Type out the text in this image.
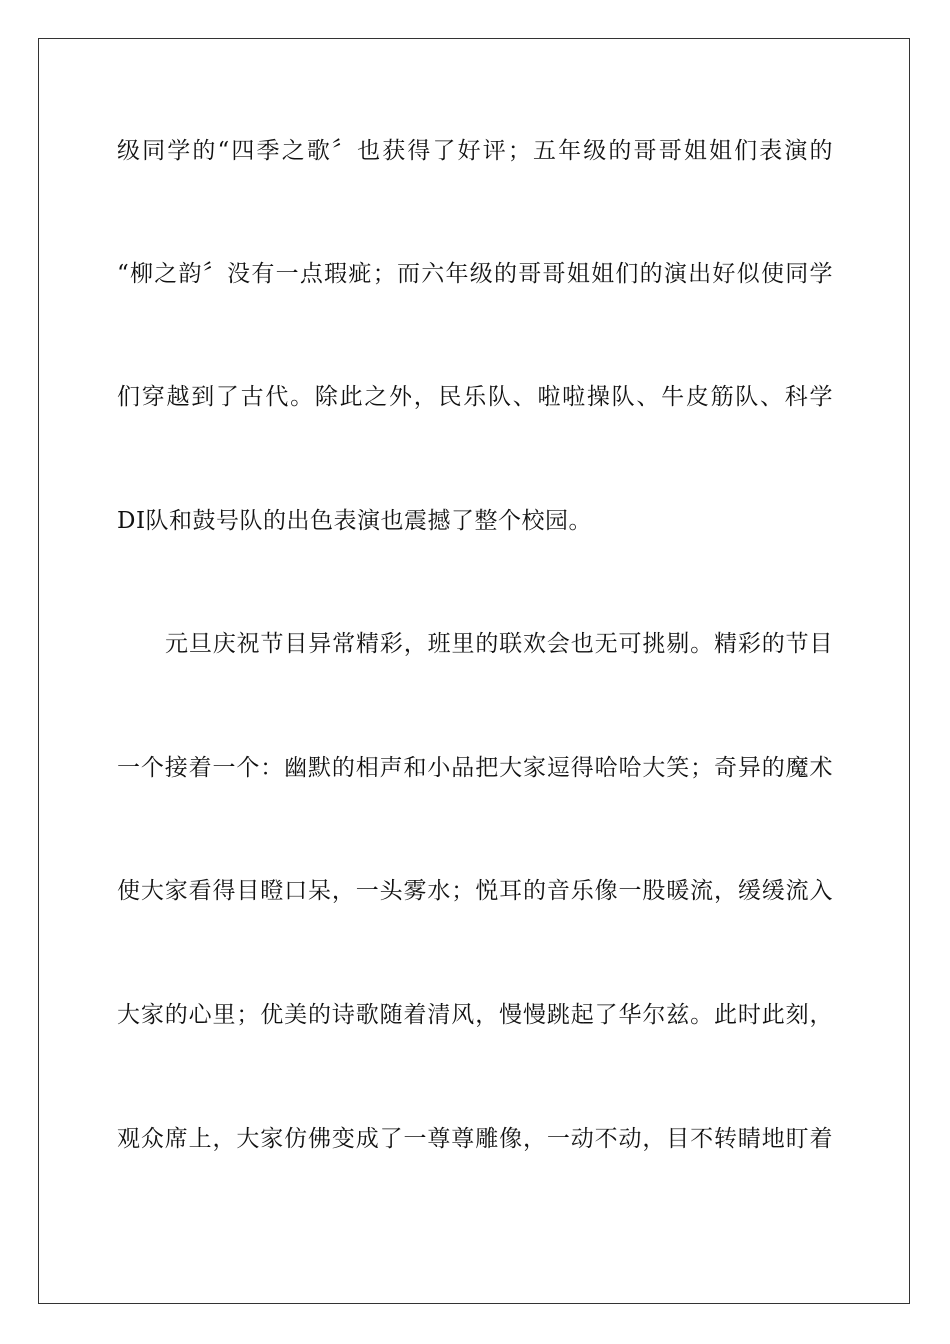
级同学的“四季之歌〞也获得了好评；五年级的哥哥姐姐们表演的
“柳之韵〞没有一点瑕疵；而六年级的哥哥姐姐们的演出好似使同学
们穿越到了古代。除此之外，民乐队、啦啦操队、牛皮筋队、科学
DI队和鼓号队的出色表演也震撼了整个校园。
元旦庆祝节目异常精彩，班里的联欢会也无可挑剔。精彩的节目
一个接着一个：幽默的相声和小品把大家逗得哈哈大笑；奇异的魔术
使大家看得目瞪口呆，一头雾水；悦耳的音乐像一股暖流，缓缓流入
大家的心里；优美的诗歌随着清风，慢慢跳起了华尔兹。此时此刻，
观众席上，大家仿佛变成了一尊尊雕像，一动不动，目不转睛地盯着
